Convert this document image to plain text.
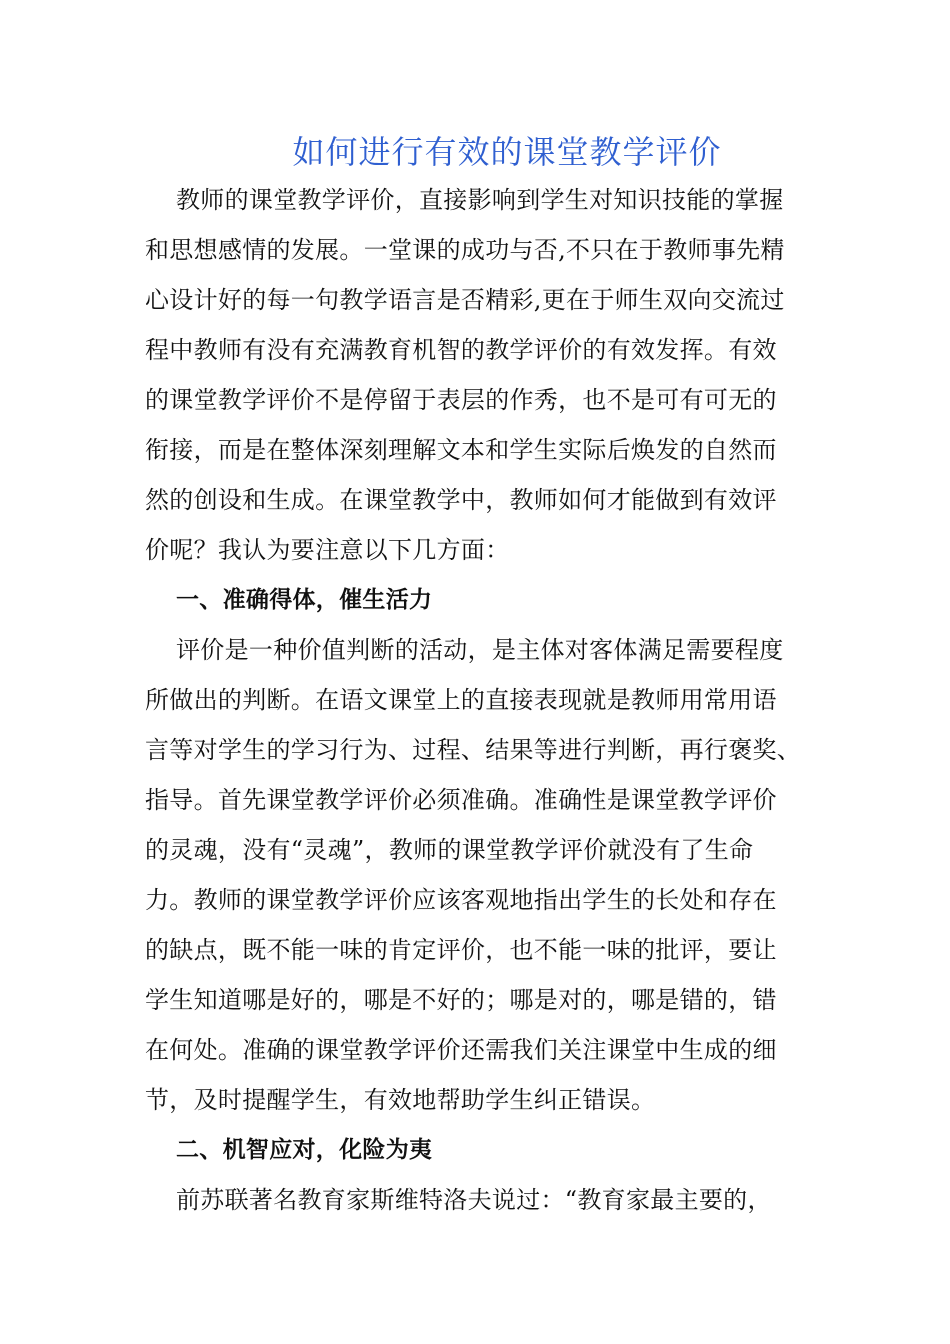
如何进行有效的课堂教学评价
教师的课堂教学评价，直接影响到学生对知识技能的掌握
和思想感情的发展。一堂课的成功与否,不只在于教师事先精
心设计好的每一句教学语言是否精彩,更在于师生双向交流过
程中教师有没有充满教育机智的教学评价的有效发挥。有效
的课堂教学评价不是停留于表层的作秀，也不是可有可无的
衔接，而是在整体深刻理解文本和学生实际后焕发的自然而
然的创设和生成。在课堂教学中，教师如何才能做到有效评
价呢？我认为要注意以下几方面：
一、准确得体，催生活力
评价是一种价值判断的活动，是主体对客体满足需要程度
所做出的判断。在语文课堂上的直接表现就是教师用常用语
言等对学生的学习行为、过程、结果等进行判断，再行褒奖、
指导。首先课堂教学评价必须准确。准确性是课堂教学评价
的灵魂，没有“灵魂”，教师的课堂教学评价就没有了生命
力。教师的课堂教学评价应该客观地指出学生的长处和存在
的缺点，既不能一味的肯定评价，也不能一味的批评，要让
学生知道哪是好的，哪是不好的；哪是对的，哪是错的，错
在何处。准确的课堂教学评价还需我们关注课堂中生成的细
节，及时提醒学生，有效地帮助学生纠正错误。
二、机智应对，化险为夷
前苏联著名教育家斯维特洛夫说过：“教育家最主要的，
